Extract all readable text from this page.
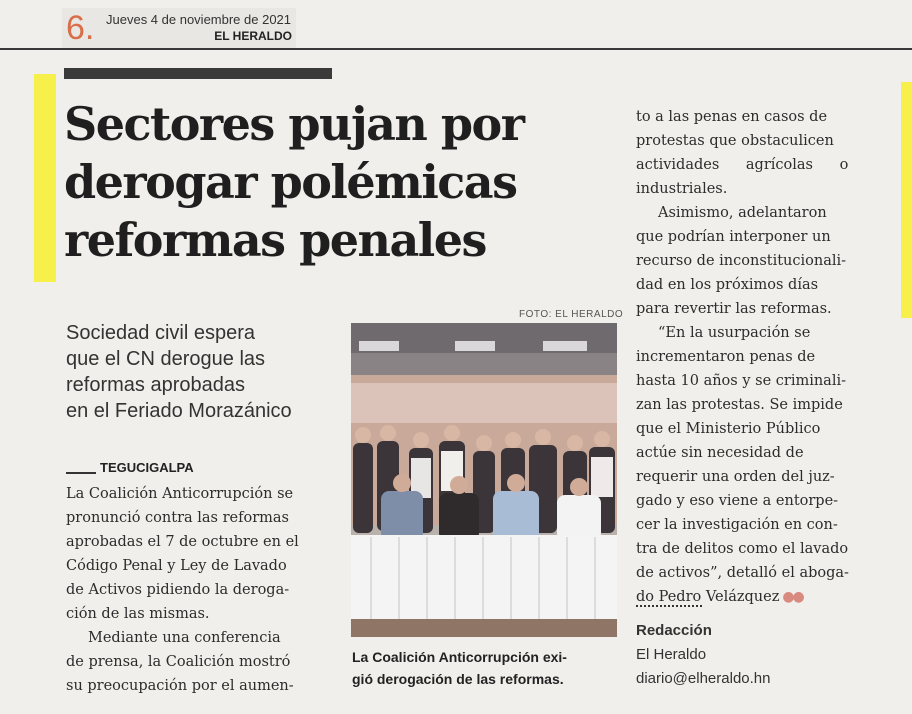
6. Jueves 4 de noviembre de 2021
EL HERALDO
Sectores pujan por
derogar polémicas
reformas penales
Sociedad civil espera
que el CN derogue las
reformas aprobadas
en el Feriado Morazánico
TEGUCIGALPA
La Coalición Anticorrupción se
pronunció contra las reformas
aprobadas el 7 de octubre en el
Código Penal y Ley de Lavado
de Activos pidiendo la deroga-
ción de las mismas.
Mediante una conferencia
de prensa, la Coalición mostró
su preocupación por el aumen-
FOTO: EL HERALDO
La Coalición Anticorrupción exi-
gió derogación de las reformas.
to a las penas en casos de
protestas que obstaculicen
actividades agrícolas o
industriales.
Asimismo, adelantaron
que podrían interponer un
recurso de inconstitucionali-
dad en los próximos días
para revertir las reformas.
“En la usurpación se
incrementaron penas de
hasta 10 años y se criminali-
zan las protestas. Se impide
que el Ministerio Público
actúe sin necesidad de
requerir una orden del juz-
gado y eso viene a entorpe-
cer la investigación en con-
tra de delitos como el lavado
de activos”, detalló el aboga-
do Pedro Velázquez ●●
Redacción
El Heraldo
diario@elheraldo.hn
